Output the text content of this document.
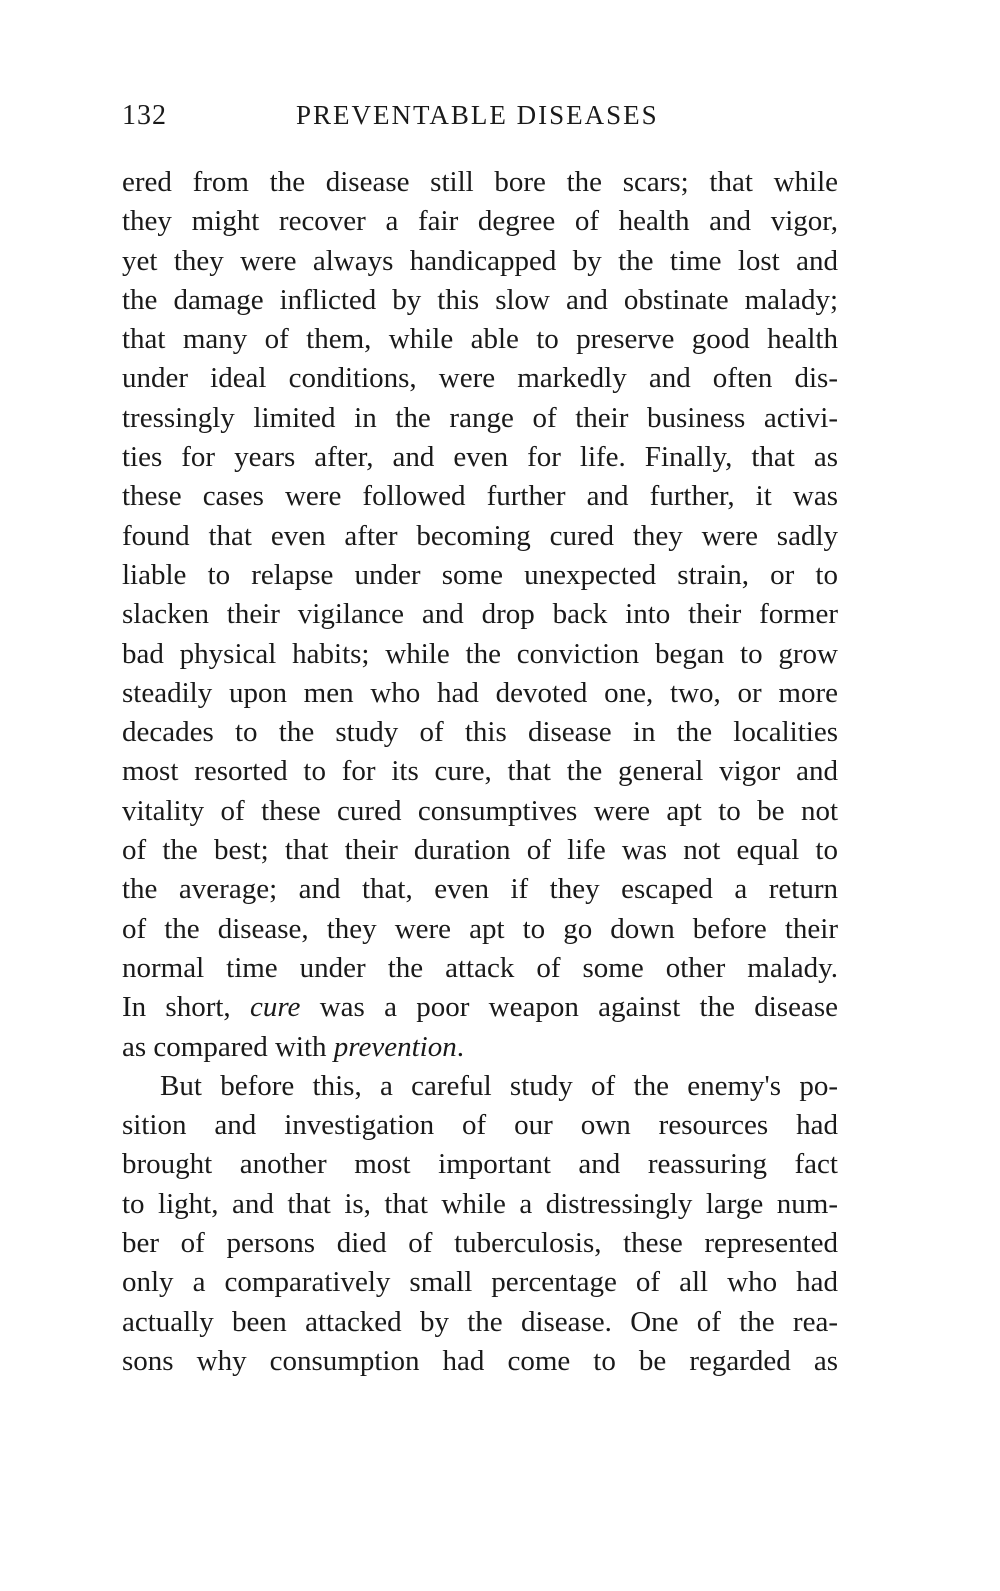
132	PREVENTABLE DISEASES
ered from the disease still bore the scars; that while
they might recover a fair degree of health and vigor,
yet they were always handicapped by the time lost and
the damage inflicted by this slow and obstinate malady;
that many of them, while able to preserve good health
under ideal conditions, were markedly and often dis-
tressingly limited in the range of their business activi-
ties for years after, and even for life. Finally, that as
these cases were followed further and further, it was
found that even after becoming cured they were sadly
liable to relapse under some unexpected strain, or to
slacken their vigilance and drop back into their former
bad physical habits; while the conviction began to grow
steadily upon men who had devoted one, two, or more
decades to the study of this disease in the localities
most resorted to for its cure, that the general vigor and
vitality of these cured consumptives were apt to be not
of the best; that their duration of life was not equal to
the average; and that, even if they escaped a return
of the disease, they were apt to go down before their
normal time under the attack of some other malady.
In short, cure was a poor weapon against the disease
as compared with prevention.
But before this, a careful study of the enemy's po-
sition and investigation of our own resources had
brought another most important and reassuring fact
to light, and that is, that while a distressingly large num-
ber of persons died of tuberculosis, these represented
only a comparatively small percentage of all who had
actually been attacked by the disease. One of the rea-
sons why consumption had come to be regarded as
